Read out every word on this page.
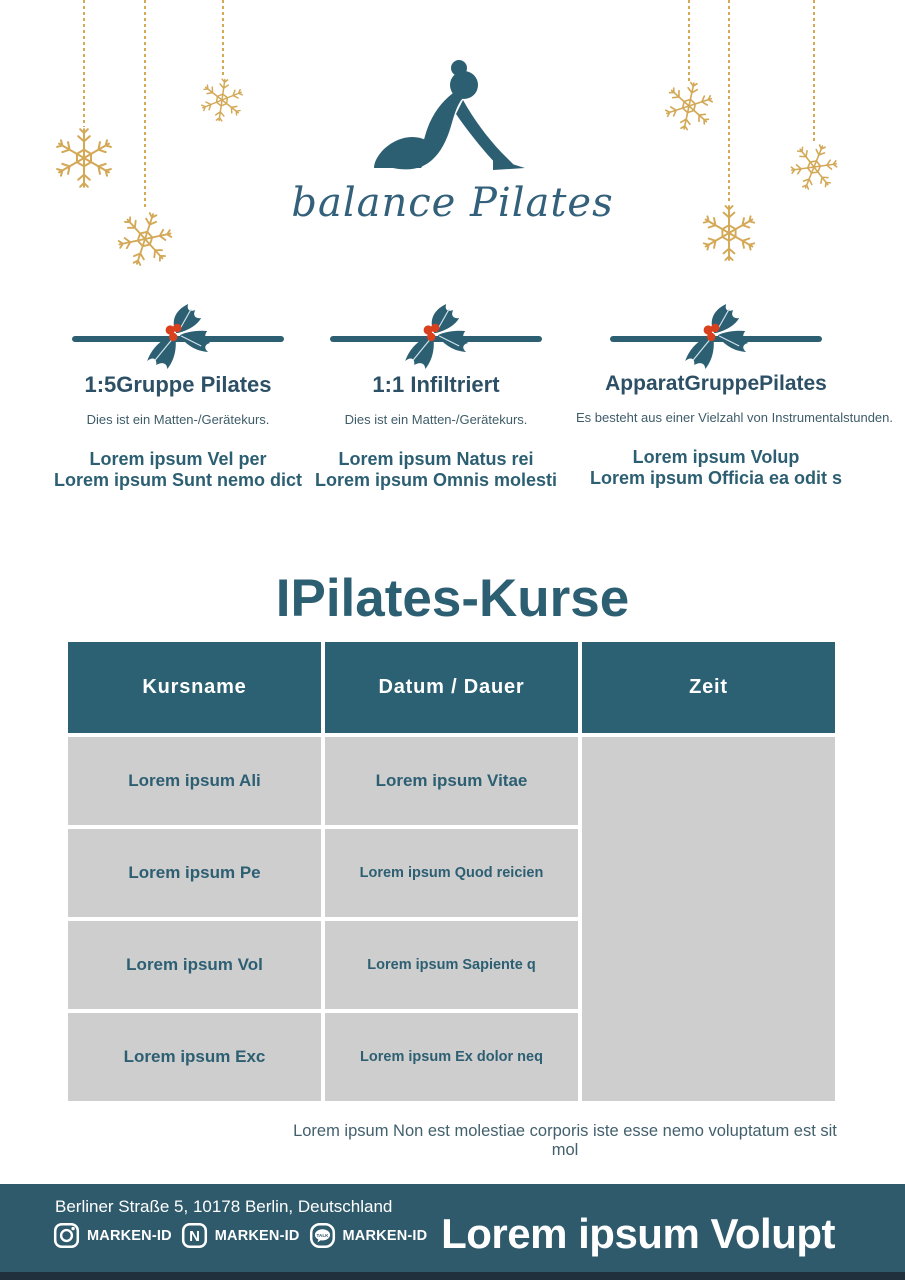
balance Pilates
1:5Gruppe Pilates
Dies ist ein Matten-/Gerätekurs.
Lorem ipsum Vel per
Lorem ipsum Sunt nemo dict
1:1 Infiltriert
Dies ist ein Matten-/Gerätekurs.
Lorem ipsum Natus rei
Lorem ipsum Omnis molesti
ApparatGruppePilates
Es besteht aus einer Vielzahl von Instrumentalstunden.
Lorem ipsum Volup
Lorem ipsum Officia ea odit s
IPilates-Kurse
Kursname	Datum / Dauer	Zeit
Lorem ipsum Ali	Lorem ipsum Vitae
Lorem ipsum Pe	Lorem ipsum Quod reicien
Lorem ipsum Vol	Lorem ipsum Sapiente q
Lorem ipsum Exc	Lorem ipsum Ex dolor neq
Lorem ipsum Non est molestiae corporis iste esse nemo voluptatum est sit mol
Berliner Straße 5, 10178 Berlin, Deutschland
MARKEN-ID N MARKEN-ID	TALK MARKEN-ID Lorem ipsum Volupt
